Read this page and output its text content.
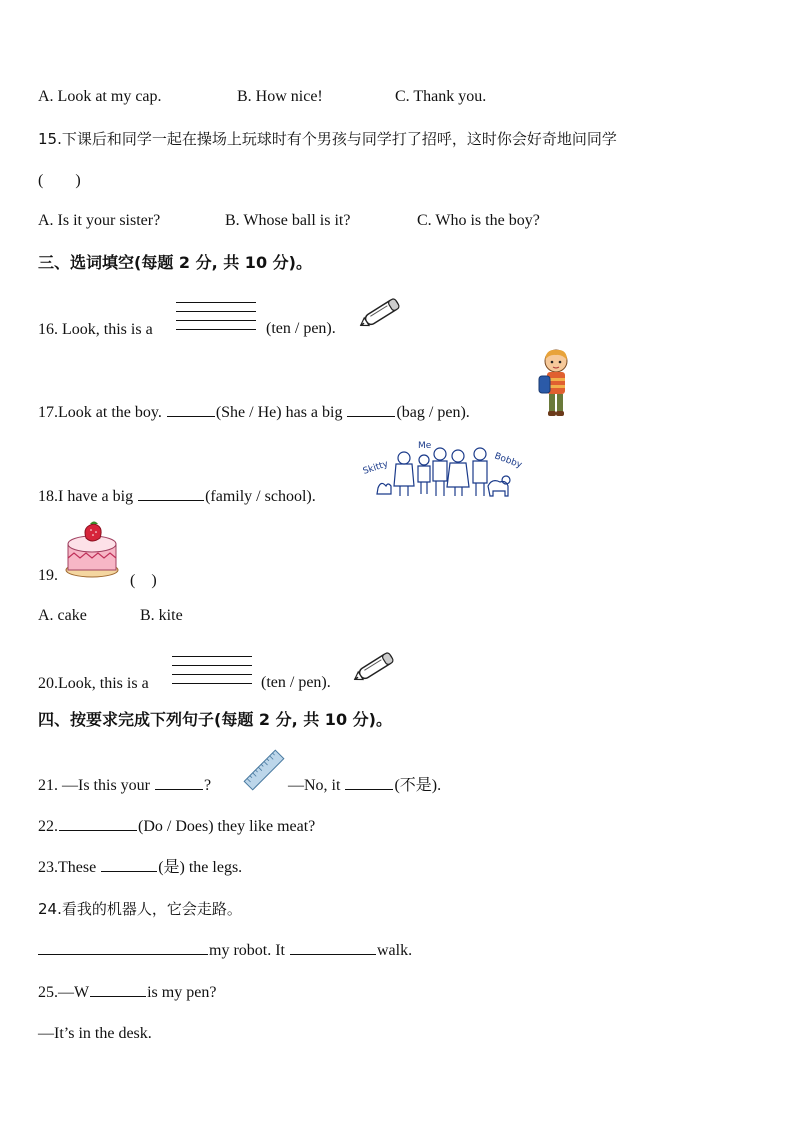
A. Look at my cap.	B. How nice!	C. Thank you.
15.下课后和同学一起在操场上玩球时有个男孩与同学打了招呼，这时你会好奇地问同学
(　　)
A. Is it your sister?	B. Whose ball is it?	C. Who is the boy?
三、选词填空(每题 2 分, 共 10 分)。
16. Look, this is a	(ten / pen).
17.Look at the boy.	(She / He) has a big	(bag / pen).
18.I have a big	(family / school).
Skitty
Me
Bobby
19.	(　)
A. cake	B. kite
20.Look, this is a	(ten / pen).
四、按要求完成下列句子(每题 2 分, 共 10 分)。
21. —Is this your	?	—No, it	(不是).
22.	(Do / Does) they like meat?
23.These	(是) the legs.
24.看我的机器人，它会走路。
my robot. It	walk.
25.—W	is my pen?
—It’s in the desk.
